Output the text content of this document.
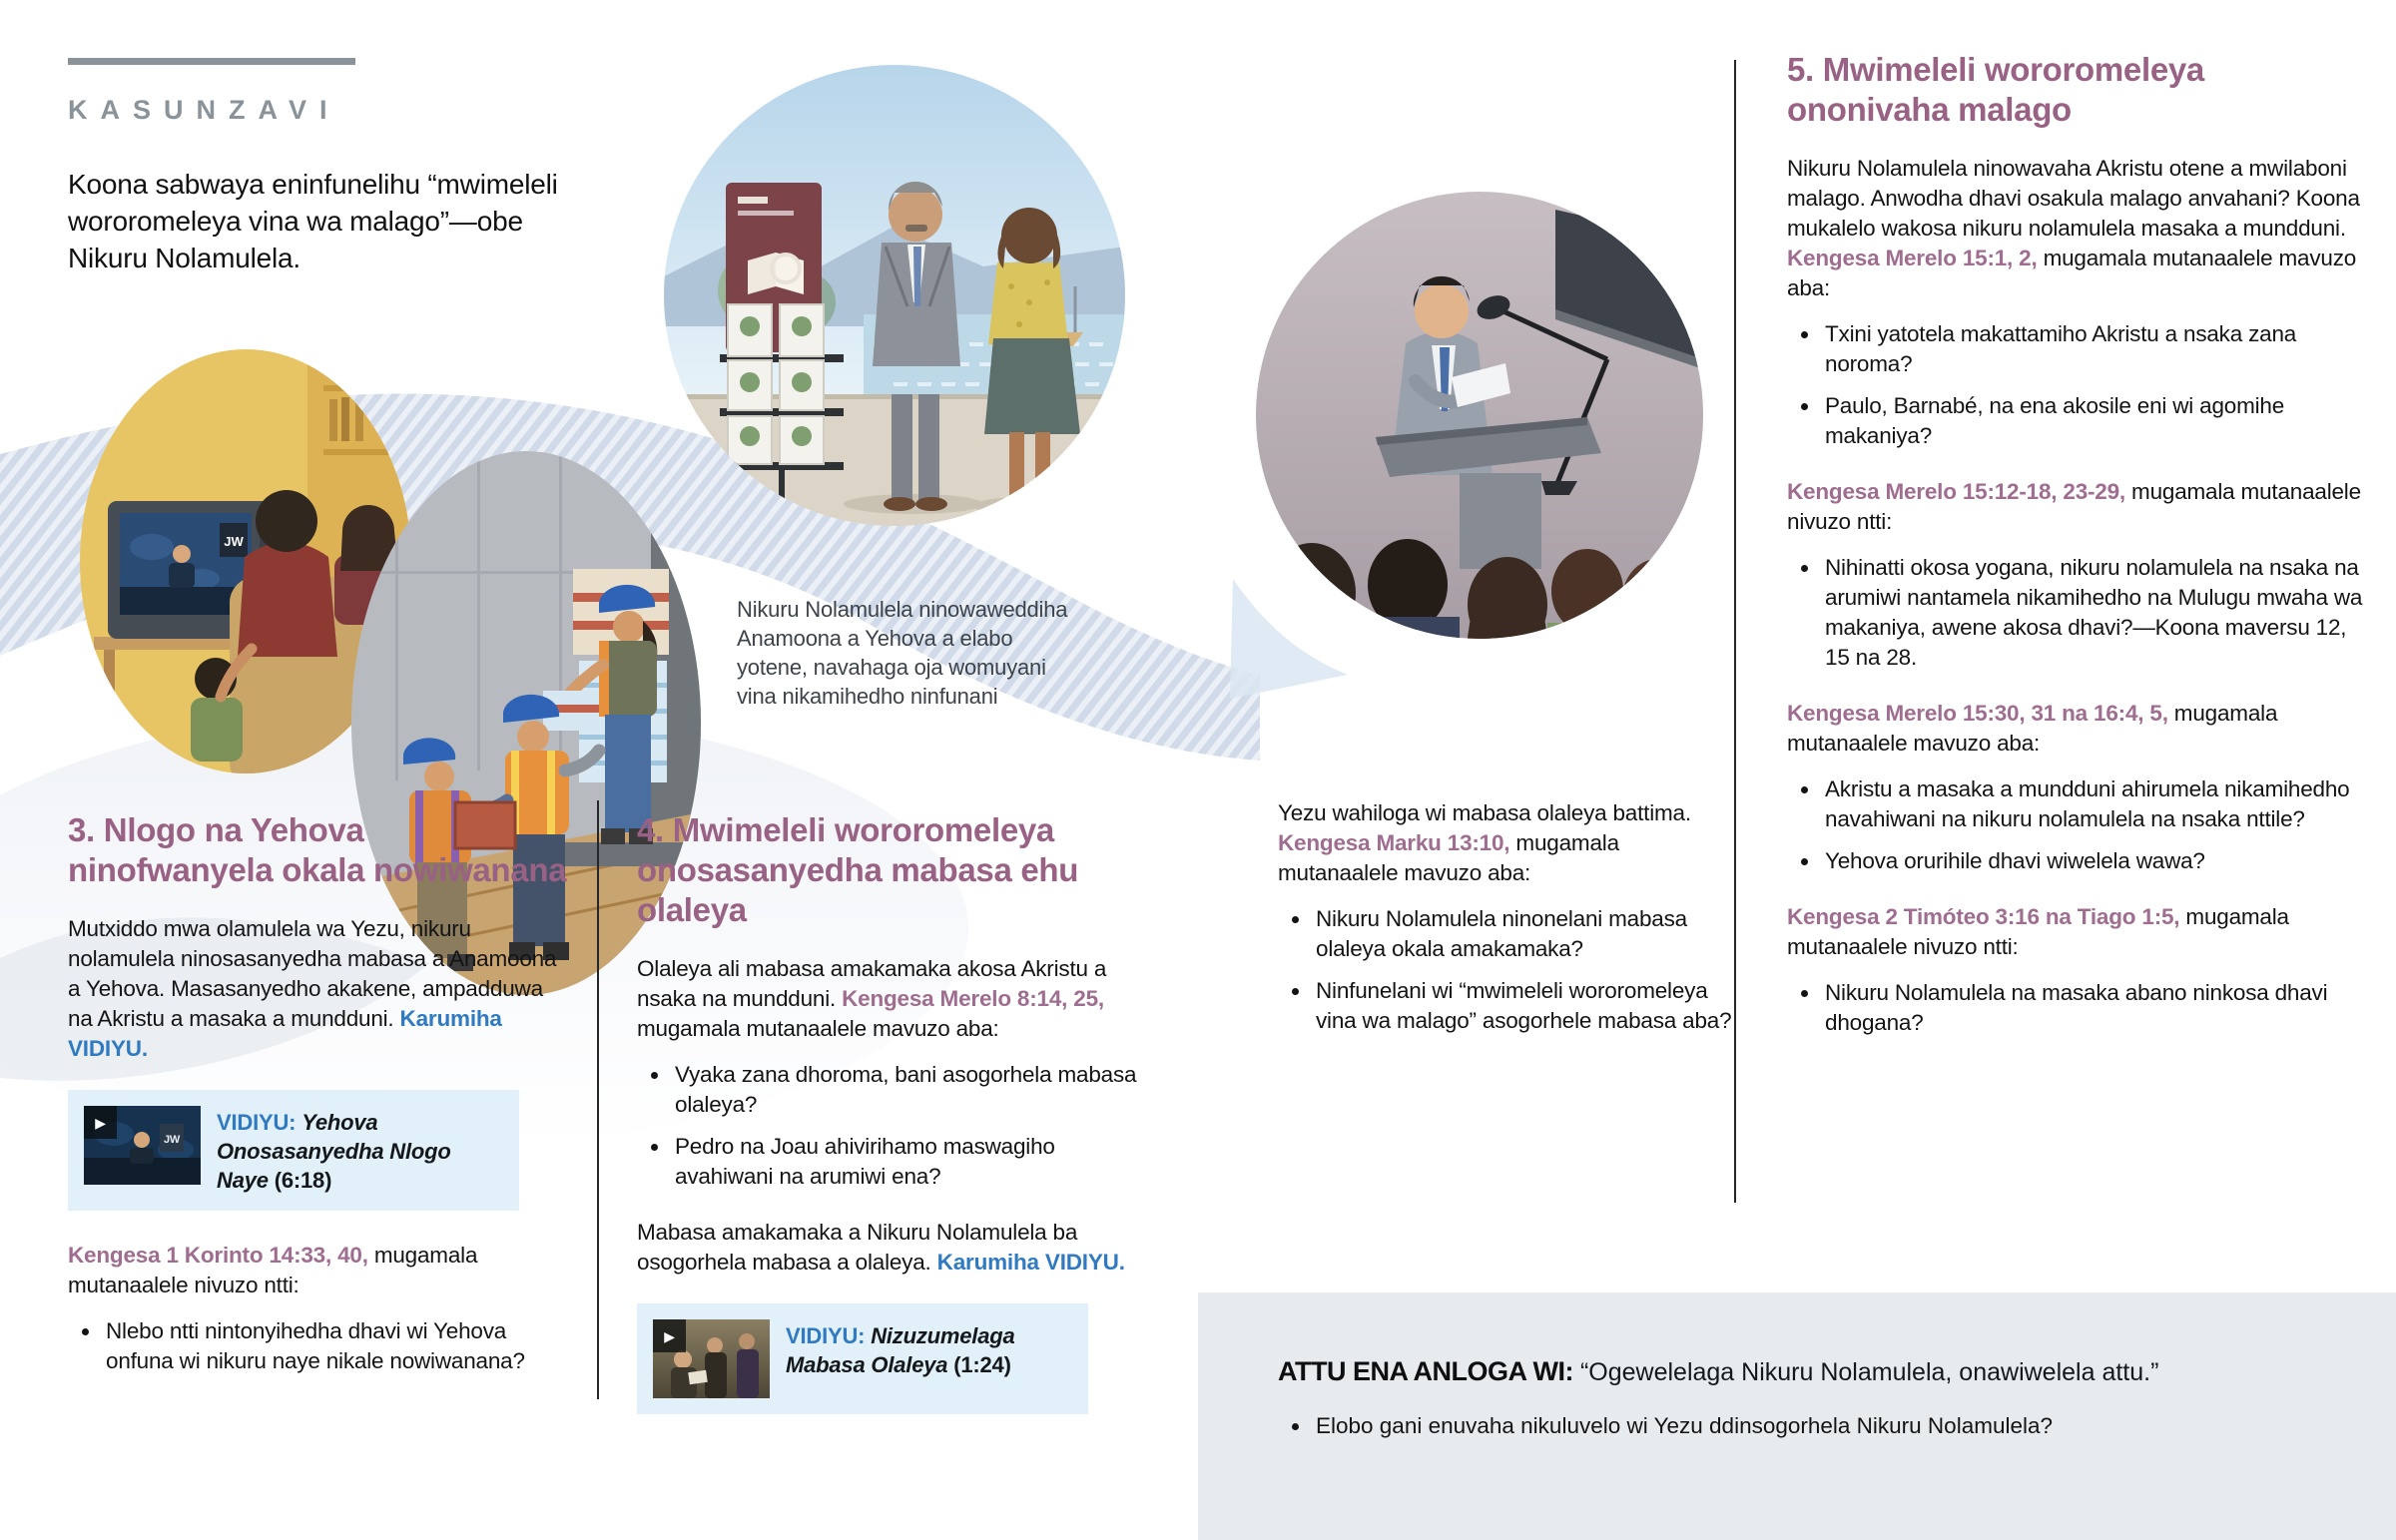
KASUNZAVI

Koona sabwaya eninfunelihu “mwimeleli wororomeleya vina wa malago”—obe Nikuru Nolamulela.

JW
Nikuru Nolamulela ninowaweddiha Anamoona a Yehova a elabo yotene, navahaga oja womuyani vina nikamihedho ninfunani
3. Nlogo na Yehova ninofwanyela okala nowiwanana

Mutxiddo mwa olamulela wa Yezu, nikuru nolamulela ninosasanyedha mabasa a Anamoona a Yehova. Masasanyedho akakene, ampadduwa na Akristu a masaka a mundduni. Karumiha VIDIYU.

JW
▶	VIDIYU: Yehova Onosasanyedha Nlogo Naye (6:18)

Kengesa 1 Korinto 14:33, 40, mugamala mutanaalele nivuzo ntti:

• Nlebo ntti nintonyihedha dhavi wi Yehova onfuna wi nikuru naye nikale nowiwanana?
4. Mwimeleli wororomeleya onosasanyedha mabasa ehu olaleya

Olaleya ali mabasa amakamaka akosa Akristu a nsaka na mundduni. Kengesa Merelo 8:14, 25, mugamala mutanaalele mavuzo aba:

• Vyaka zana dhoroma, bani asogorhela mabasa olaleya?
• Pedro na Joau ahivirihamo maswagiho avahiwani na arumiwi ena?

Mabasa amakamaka a Nikuru Nolamulela ba osogorhela mabasa a olaleya. Karumiha VIDIYU.

▶	VIDIYU: Nizuzumelaga Mabasa Olaleya (1:24)

Yezu wahiloga wi mabasa olaleya battima. Kengesa Marku 13:10, mugamala mutanaalele mavuzo aba:

• Nikuru Nolamulela ninonelani mabasa olaleya okala amakamaka?
• Ninfunelani wi “mwimeleli wororomeleya vina wa malago” asogorhele mabasa aba?
5. Mwimeleli wororomeleya ononivaha malago

Nikuru Nolamulela ninowavaha Akristu otene a mwilaboni malago. Anwodha dhavi osakula malago anvahani? Koona mukalelo wakosa nikuru nolamulela masaka a mundduni. Kengesa Merelo 15:1, 2, mugamala mutanaalele mavuzo aba:

• Txini yatotela makattamiho Akristu a nsaka zana noroma?
• Paulo, Barnabé, na ena akosile eni wi agomihe makaniya?

Kengesa Merelo 15:12-18, 23-29, mugamala mutanaalele nivuzo ntti:

• Nihinatti okosa yogana, nikuru nolamulela na nsaka na arumiwi nantamela nikamihedho na Mulugu mwaha wa makaniya, awene akosa dhavi?—Koona maversu 12, 15 na 28.

Kengesa Merelo 15:30, 31 na 16:4, 5, mugamala mutanaalele mavuzo aba:

• Akristu a masaka a mundduni ahirumela nikamihedho navahiwani na nikuru nolamulela na nsaka nttile?
• Yehova orurihile dhavi wiwelela wawa?

Kengesa 2 Timóteo 3:16 na Tiago 1:5, mugamala mutanaalele nivuzo ntti:

• Nikuru Nolamulela na masaka abano ninkosa dhavi dhogana?
ATTU ENA ANLOGA WI: “Ogewelelaga Nikuru Nolamulela, onawiwelela attu.”
• Elobo gani enuvaha nikuluvelo wi Yezu ddinsogorhela Nikuru Nolamulela?
